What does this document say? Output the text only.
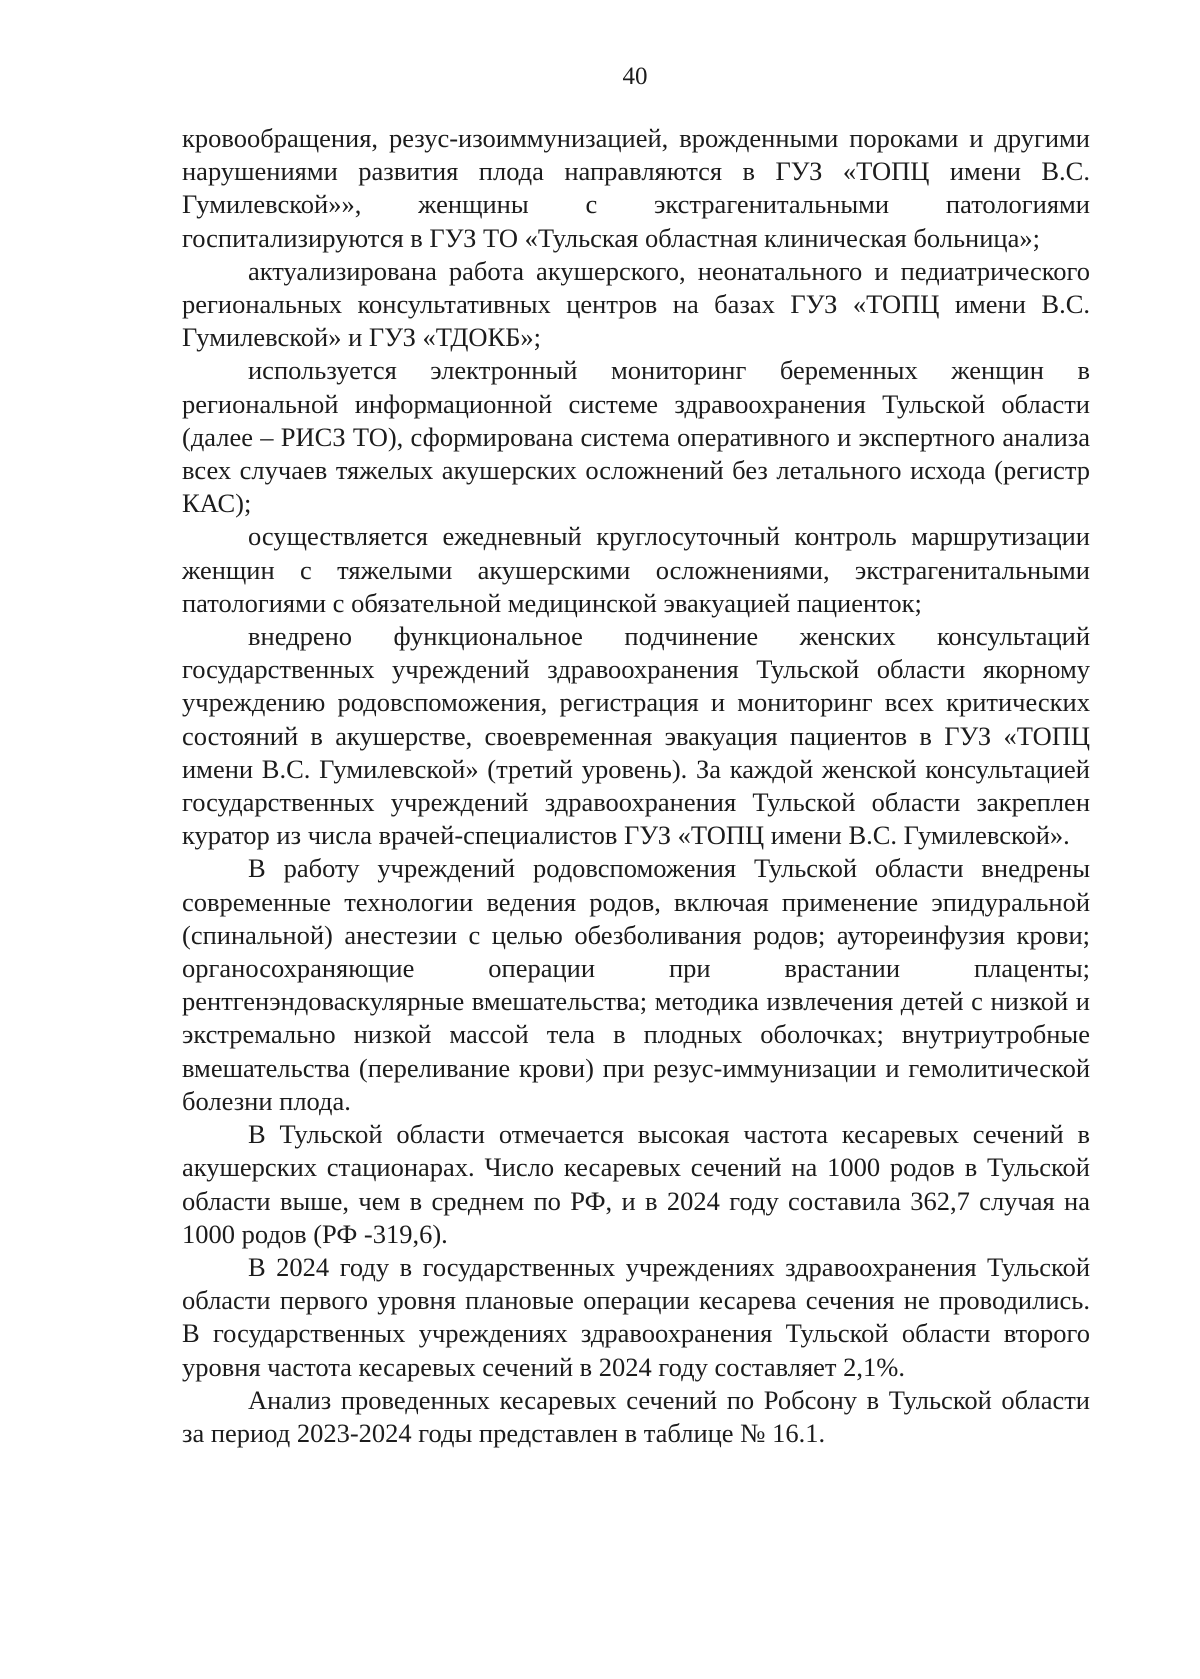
40

кровообращения, резус-изоиммунизацией, врожденными пороками и другими нарушениями развития плода направляются в ГУЗ «ТОПЦ имени В.С. Гумилевской»», женщины с экстрагенитальными патологиями госпитализируются в ГУЗ ТО «Тульская областная клиническая больница»;

актуализирована работа акушерского, неонатального и педиатрического региональных консультативных центров на базах ГУЗ «ТОПЦ имени В.С. Гумилевской» и ГУЗ «ТДОКБ»;

используется электронный мониторинг беременных женщин в региональной информационной системе здравоохранения Тульской области (далее – РИСЗ ТО), сформирована система оперативного и экспертного анализа всех случаев тяжелых акушерских осложнений без летального исхода (регистр КАС);

осуществляется ежедневный круглосуточный контроль маршрутизации женщин с тяжелыми акушерскими осложнениями, экстрагенитальными патологиями с обязательной медицинской эвакуацией пациенток;

внедрено функциональное подчинение женских консультаций государственных учреждений здравоохранения Тульской области якорному учреждению родовспоможения, регистрация и мониторинг всех критических состояний в акушерстве, своевременная эвакуация пациентов в ГУЗ «ТОПЦ имени В.С. Гумилевской» (третий уровень). За каждой женской консультацией государственных учреждений здравоохранения Тульской области закреплен куратор из числа врачей-специалистов ГУЗ «ТОПЦ имени В.С. Гумилевской».

В работу учреждений родовспоможения Тульской области внедрены современные технологии ведения родов, включая применение эпидуральной (спинальной) анестезии с целью обезболивания родов; аутореинфузия крови; органосохраняющие операции при врастании плаценты; рентгенэндоваскулярные вмешательства; методика извлечения детей с низкой и экстремально низкой массой тела в плодных оболочках; внутриутробные вмешательства (переливание крови) при резус-иммунизации и гемолитической болезни плода.

В Тульской области отмечается высокая частота кесаревых сечений в акушерских стационарах. Число кесаревых сечений на 1000 родов в Тульской области выше, чем в среднем по РФ, и в 2024 году составила 362,7 случая на 1000 родов (РФ -319,6).

В 2024 году в государственных учреждениях здравоохранения Тульской области первого уровня плановые операции кесарева сечения не проводились. В государственных учреждениях здравоохранения Тульской области второго уровня частота кесаревых сечений в 2024 году составляет 2,1%.

Анализ проведенных кесаревых сечений по Робсону в Тульской области за период 2023-2024 годы представлен в таблице № 16.1.
